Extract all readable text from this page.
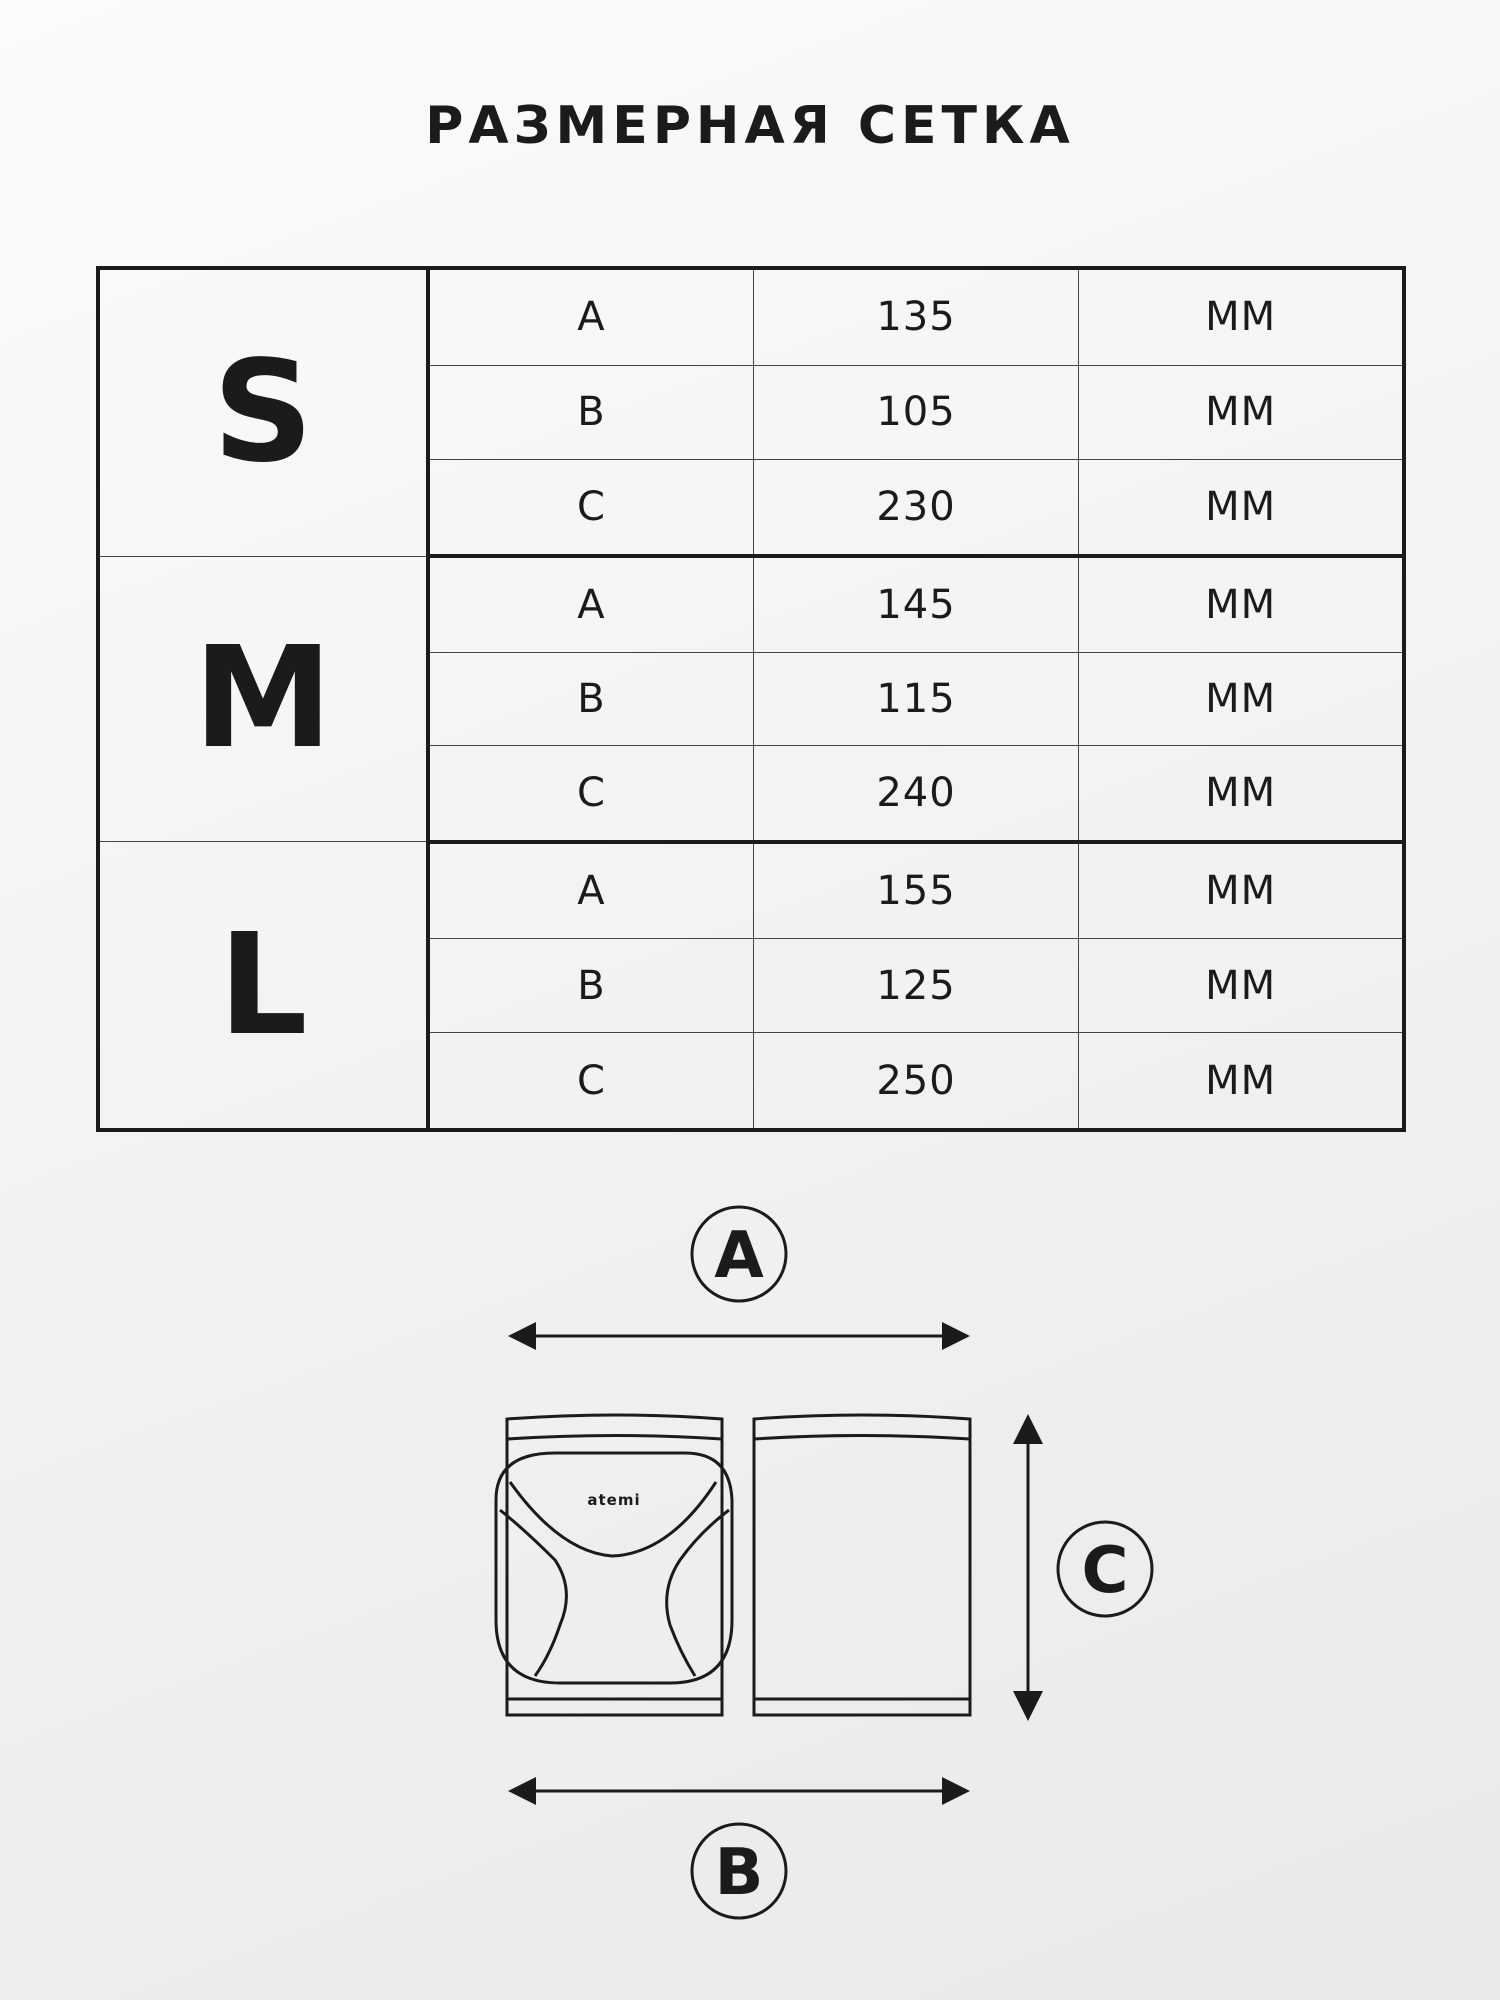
РАЗМЕРНАЯ СЕТКА
S	A	135	ММ
	B	105	ММ
	C	230	ММ
M	A	145	ММ
	B	115	ММ
	C	240	ММ
L	A	155	ММ
	B	125	ММ
	C	250	ММ
A
B
C
atemi
